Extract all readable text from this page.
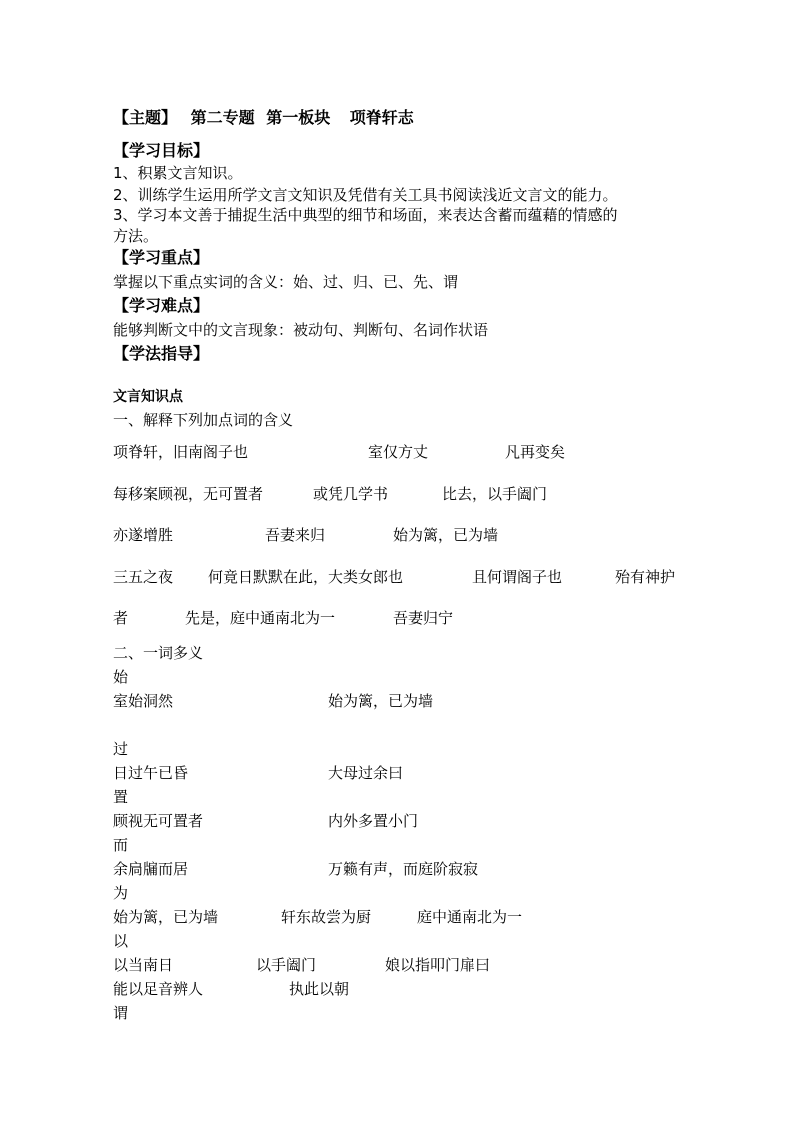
【主题】 第二专题 第一板块 项脊轩志
【学习目标】
1、积累文言知识。
2、训练学生运用所学文言文知识及凭借有关工具书阅读浅近文言文的能力。
3、学习本文善于捕捉生活中典型的细节和场面，来表达含蓄而蕴藉的情感的
方法。
【学习重点】
掌握以下重点实词的含义：始、过、归、已、先、谓
【学习难点】
能够判断文中的文言现象：被动句、判断句、名词作状语
【学法指导】
文言知识点
一、解释下列加点词的含义
项脊轩，旧南阁子也	室仅方丈	凡再变矣
每移案顾视，无可置者	或凭几学书	比去，以手阖门
亦遂增胜	吾妻来归	始为篱，已为墙
三五之夜 何竟日默默在此，大类女郎也	且何谓阁子也	殆有神护
者	先是，庭中通南北为一	吾妻归宁
二、一词多义
始
室始洞然	始为篱，已为墙
过
日过午已昏	大母过余曰
置
顾视无可置者	内外多置小门
而
余扃牖而居	万籁有声，而庭阶寂寂
为
始为篱，已为墙	轩东故尝为厨	庭中通南北为一
以
以当南日	以手阖门	娘以指叩门扉曰
能以足音辨人	执此以朝
谓
